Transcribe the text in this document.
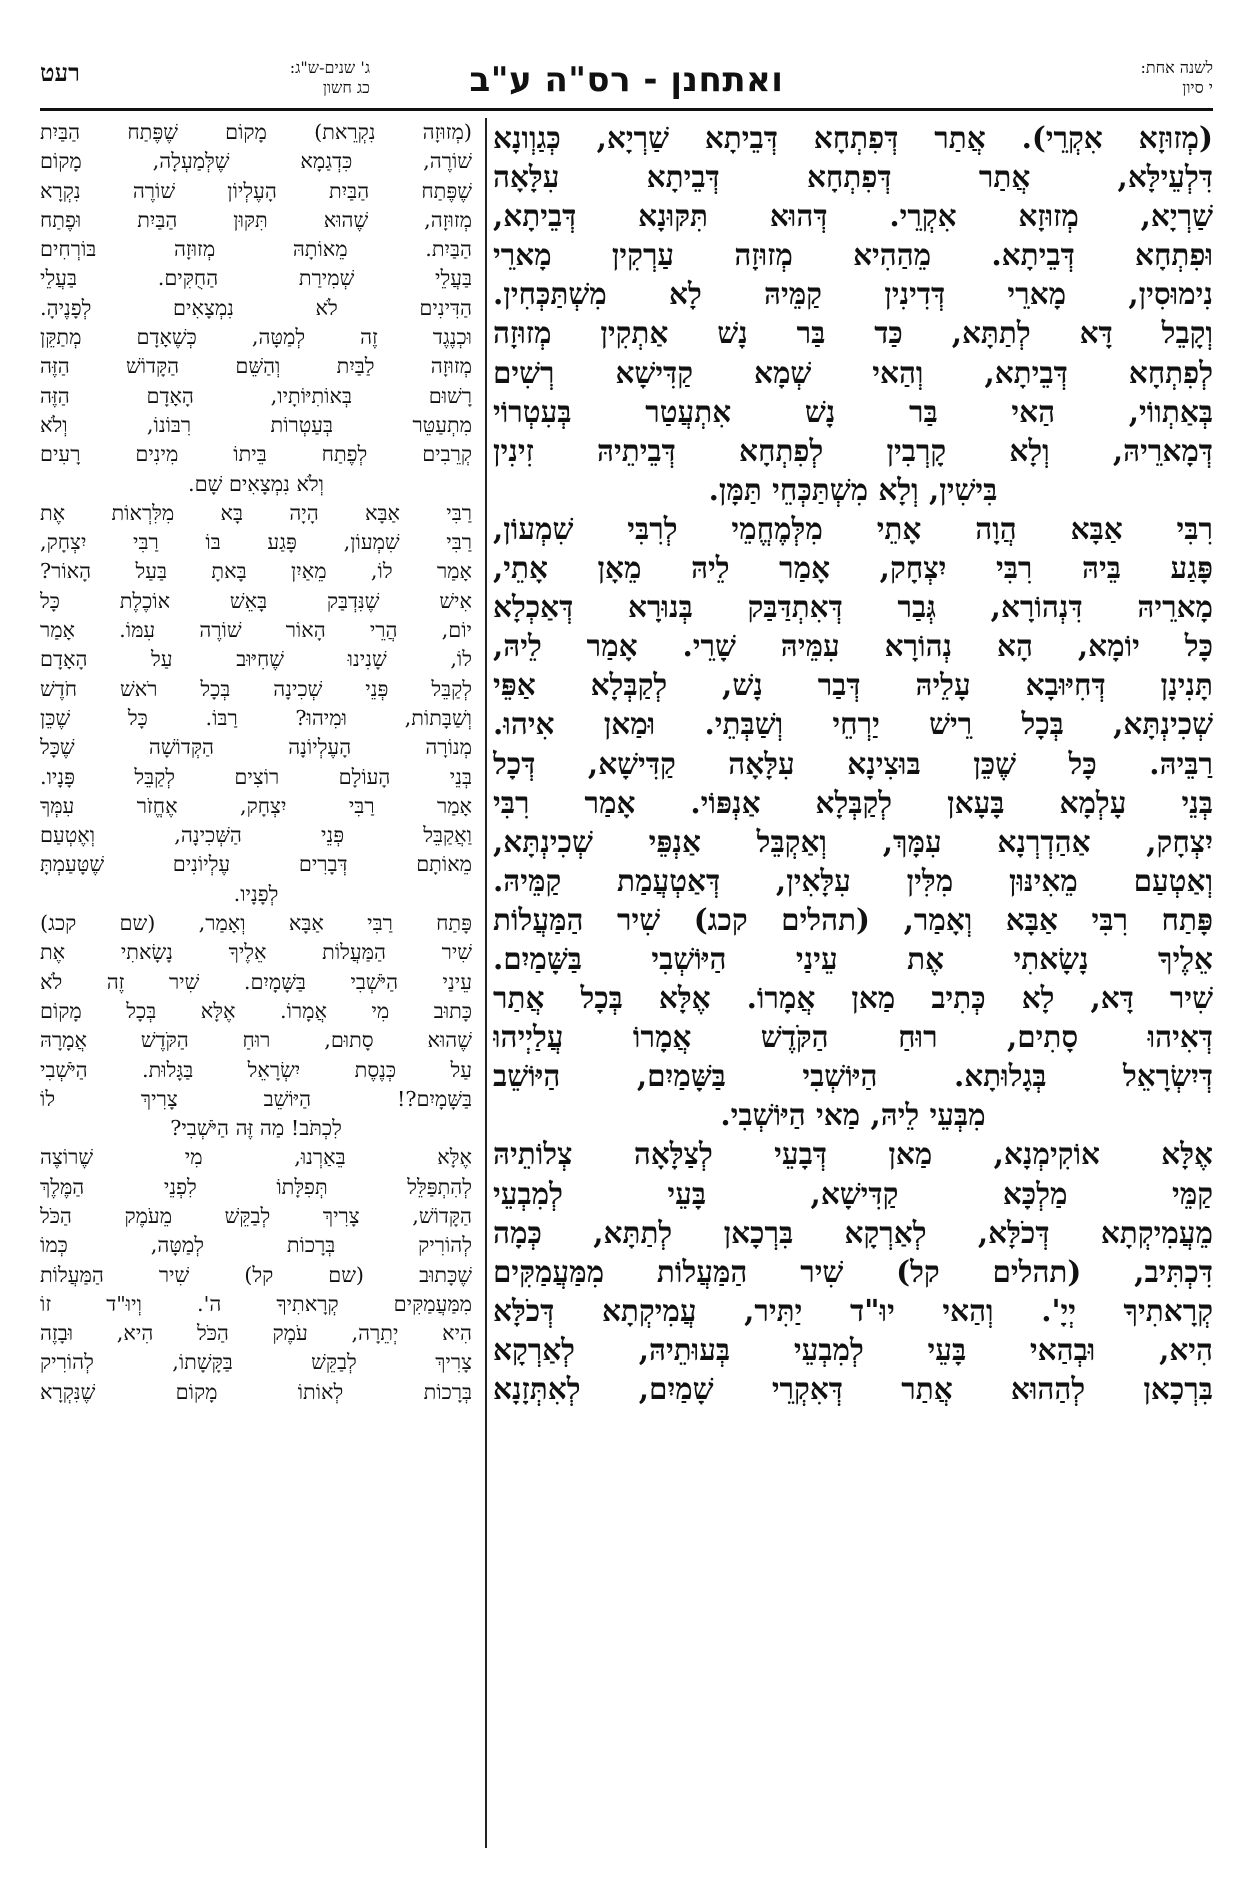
לשנה אחת:
י סיון
ואתחנן - רס"ה ע"ב
ג' שנים-ש"ג:
כג חשון
רעט

(מְזוּזָא אִקְרֵי). אֲתַר דְּפִתְחָא דְּבֵיתָא שַׁרְיָא, כְּגַוְונָא

דִּלְעֵילָּא, אֲתַר דְּפִתְחָא דְּבֵיתָא עִלָּאָה

שַׁרְיָא, מְזוּזָא אִקְרֵי. דְּהוּא תִּקּוּנָא דְּבֵיתָא,

וּפִתְחָא דְּבֵיתָא. מֵהַהִיא מְזוּזָה עַרְקִין מָארֵי

נִימוּסִין, מָארֵי דְּדִינִין קַמֵּיהּ לָא מִשְׁתַּכְּחִין.

וְקָבֵל דָּא לְתַתָּא, כַּד בַּר נָשׁ אַתְקִין מְזוּזָה

לְפִתְחָא דְּבֵיתָא, וְהַאי שְׁמָא קַדִּישָׁא רְשִׁים

בְּאַתְווֹי, הַאי בַּר נָשׁ אִתְעֲטַר בְּעִטְרוֹי

דְּמָארֵיהּ, וְלָא קָרְבִין לְפִתְחָא דְּבֵיתֵיהּ זִינִין

בִּישִׁין, וְלָא מִשְׁתַּכְּחֵי תַּמָּן.

רִבִּי אַבָּא הֲוָה אָתֵי מִלְּמֶחֱמֵי לְרִבִּי שִׁמְעוֹן,

פָּגַע בֵּיהּ רִבִּי יִצְחָק, אָמַר לֵיהּ מֵאָן אָתֵי,

מָארֵיהּ דִּנְהוֹרָא, גְּבַר דְּאִתְדַּבַּק בְּנוּרָא דְּאַכְלָא

כָּל יוֹמָא, הָא נְהוֹרָא עִמֵּיהּ שָׁרֵי. אָמַר לֵיהּ,

תָּנִינָן דְּחִיּוּבָא עָלֵיהּ דְּבַר נָשׁ, לְקַבְּלָא אַפֵּי

שְׁכִינְתָּא, בְּכָל רֵישׁ יַרְחֵי וְשַׁבְּתֵי. וּמַאן אִיהוּ.

רַבֵּיהּ. כָּל שֶׁכֵּן בּוּצִינָא עִלָּאָה קַדִּישָׁא, דְּכָל

בְּנֵי עָלְמָא בָּעָאן לְקַבְּלָא אַנְפּוֹי. אָמַר רִבִּי

יִצְחָק, אַהַדְרְנָא עִמָּךְ, וְאַקְבֵּל אַנְפֵּי שְׁכִינְתָּא,

וְאַטְעַם מֵאִינּוּן מִלִּין עִלָּאִין, דְּאַטְעֲמַת קַמֵּיהּ.

פָּתַח רִבִּי אַבָּא וְאָמַר, (תהלים קכג) שִׁיר הַמַּעֲלוֹת

אֵלֶיךָ נָשָׂאתִי אֶת עֵינַי הַיּוֹשְׁבִי בַּשָּׁמַיִם.

שִׁיר דָּא, לָא כְּתִיב מַאן אֲמָרוֹ. אֶלָּא בְּכָל אֲתַר

דְּאִיהוּ סָתִים, רוּחַ הַקֹּדֶשׁ אֲמָרוֹ עֲלַיְיהוּ

דְּיִשְׂרָאֵל בְּגָלוּתָא. הַיּוֹשְׁבִי בַּשָּׁמַיִם, הַיּוֹשֵׁב

מִבְּעֵי לֵיהּ, מַאי הַיּוֹשְׁבִי.

אֶלָּא אוֹקִימְנָא, מַאן דְּבָעֵי לְצַלָּאָה צְלוֹתֵיהּ

קַמֵּי מַלְכָּא קַדִּישָׁא, בָּעֵי לְמִבְעֵי

מֵעֲמִיקְתָא דְּכֹלָּא, לְאַרְקָא בִּרְכָאן לְתַתָּא, כְּמָה

דִּכְתִּיב, (תהלים קל) שִׁיר הַמַּעֲלוֹת מִמַּעֲמַקִּים

קְרָאתִיךָ יְיָ'. וְהַאי יוּ"ד יַתִּיר, עֲמִיקְתָא דְּכֹלָּא

הִיא, וּבְהַאי בָּעֵי לְמִבְעֵי בְּעוּתֵיהּ, לְאַרְקָא

בִּרְכָאן לְהַהוּא אֲתַר דְּאִקְרֵי שָׁמַיִם, לְאִתְּזָנָא

(מְזוּזָה נִקְרֵאת) מָקוֹם שֶׁפֶּתַח הַבַּיִת

שׁוֹרֶה, כִּדְגַמָא שֶׁלְּמַעְלָה, מָקוֹם

שֶׁפֶּתַח הַבַּיִת הָעֶלְיוֹן שׁוֹרֶה נִקְרָא

מְזוּזָה, שֶׁהוּא תִּקּוּן הַבַּיִת וּפֶתַח

הַבַּיִת. מֵאוֹתָהּ מְזוּזָה בּוֹרְחִים

בַּעֲלֵי שְׁמִירַת הַחֻקִּים. בַּעֲלֵי

הַדִּינִים לֹא נִמְצָאִים לְפָנֶיהָ.

וּכְנֶגֶד זֶה לְמַטָּה, כְּשֶׁאָדָם מְתַקֵּן

מְזוּזָה לַבַּיִת וְהַשֵּׁם הַקָּדוֹשׁ הַזֶּה

רָשׁוּם בְּאוֹתִיּוֹתָיו, הָאָדָם הַזֶּה

מִתְעַטֵּר בְּעַטְרוֹת רִבּוֹנוֹ, וְלֹא

קְרֵבִים לְפֶתַח בֵּיתוֹ מִינִים רָעִים

וְלֹא נִמְצָאִים שָׁם.

רַבִּי אַבָּא הָיָה בָּא מִלִּרְאוֹת אֶת

רַבִּי שִׁמְעוֹן, פָּגַע בּוֹ רַבִּי יִצְחָק,

אָמַר לוֹ, מֵאַיִן בָּאתָ בַּעַל הָאוֹר?

אִישׁ שֶׁנִּדְבַּק בָּאֵשׁ אוֹכֶלֶת כָּל

יוֹם, הֲרֵי הָאוֹר שׁוֹרֶה עִמּוֹ. אָמַר

לוֹ, שָׁנִינוּ שֶׁחִיּוּב עַל הָאָדָם

לְקַבֵּל פְּנֵי שְׁכִינָה בְּכָל רֹאשׁ חֹדֶשׁ

וְשַׁבָּתוֹת, וּמִיהוּ? רַבּוֹ. כָּל שֶׁכֵּן

מְנוֹרָה הָעֶלְיוֹנָה הַקְּדוֹשָׁה שֶׁכָּל

בְּנֵי הָעוֹלָם רוֹצִים לְקַבֵּל פָּנָיו.

אָמַר רַבִּי יִצְחָק, אֶחֱזֹר עִמְּךָ

וַאֲקַבֵּל פְּנֵי הַשְּׁכִינָה, וְאֶטְעַם

מֵאוֹתָם דְּבָרִים עֶלְיוֹנִים שֶׁטָּעַמְתָּ

לְפָנָיו.

פָּתַח רַבִּי אַבָּא וְאָמַר, (שם קכג)

שִׁיר הַמַּעֲלוֹת אֵלֶיךָ נָשָׂאתִי אֶת

עֵינַי הַיֹּשְׁבִי בַּשָּׁמָיִם. שִׁיר זֶה לֹא

כָּתוּב מִי אֲמָרוֹ. אֶלָּא בְּכָל מָקוֹם

שֶׁהוּא סָתוּם, רוּחַ הַקֹּדֶשׁ אֲמָרָהּ

עַל כְּנֶסֶת יִשְׂרָאֵל בַּגָּלוּת. הַיֹּשְׁבִי

בַּשָּׁמָיִם?! הַיּוֹשֵׁב צָרִיךְ לוֹ

לִכְתֹּב! מַה זֶּה הַיֹּשְׁבִי?

אֶלָּא בֵּאַרְנוּ, מִי שֶׁרוֹצֶה

לְהִתְפַּלֵּל תְּפִלָּתוֹ לִפְנֵי הַמֶּלֶךְ

הַקָּדוֹשׁ, צָרִיךְ לְבַקֵּשׁ מֵעֹמֶק הַכֹּל

לְהוֹרִיק בְּרָכוֹת לְמַטָּה, כְּמוֹ

שֶׁכָּתוּב (שם קל) שִׁיר הַמַּעֲלוֹת

מִמַּעֲמַקִּים קְרָאתִיךָ ה'. וְיוּ"ד זוֹ

הִיא יְתֵרָה, עֹמֶק הַכֹּל הִיא, וּבָזֶה

צָרִיךְ לְבַקֵּשׁ בַּקָּשָׁתוֹ, לְהוֹרִיק

בְּרָכוֹת לְאוֹתוֹ מָקוֹם שֶׁנִּקְרָא
